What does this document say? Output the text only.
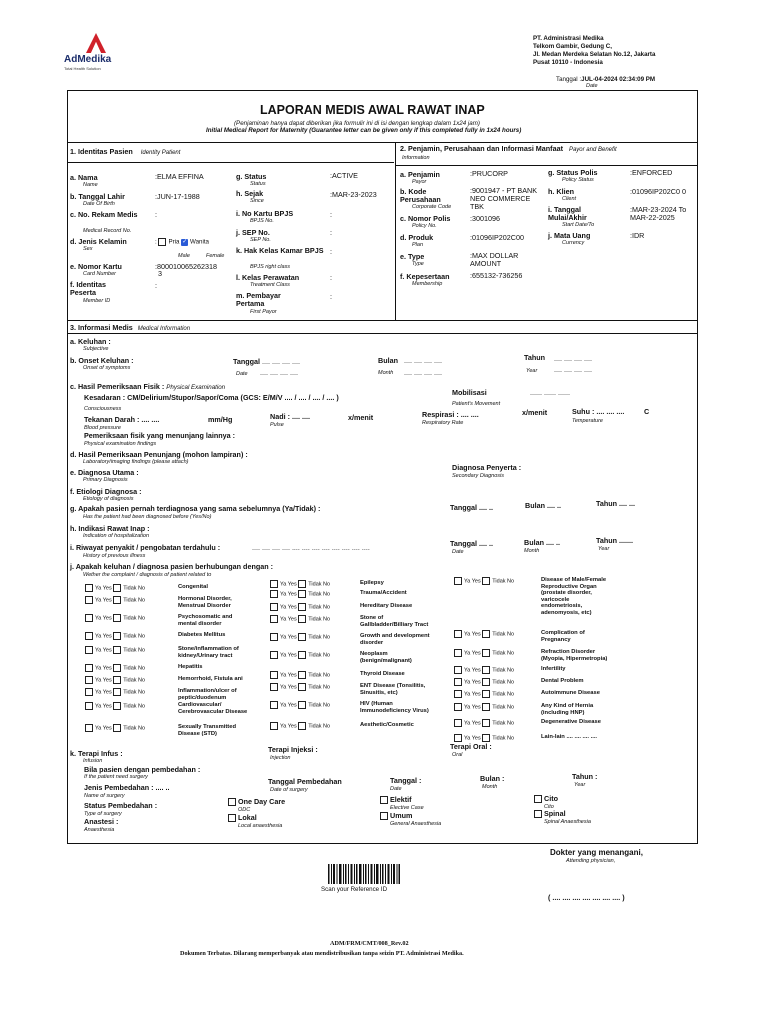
AdMedika
Total Health Solution
PT. Administrasi Medika
Telkom Gambir, Gedung C,
Jl. Medan Merdeka Selatan No.12, Jakarta
Pusat 10110 - Indonesia
Tanggal :JUL-04-2024 02:34:09 PM
Date
LAPORAN MEDIS AWAL RAWAT INAP
(Penjaminan hanya dapat diberikan jika formulir ini di isi dengan lengkap dalam 1x24 jam)
Initial Medical Report for Maternity (Guarantee letter can be given only if this completed fully in 1x24 hours)
1. Identitas Pasien Identity Patient
a. Nama
Name
:ELMA EFFINA
b. Tanggal Lahir
Date Of Birth
:JUN-17-1988
c. No. Rekam Medis
Medical Record No.
:
d. Jenis Kelamin
Sex
: Pria ✓ Wanita
Male	Female
e. Nomor Kartu
Card Number
:800010065262318
3
f. Identitas Peserta
Member ID
:
g. Status
Status
:ACTIVE
h. Sejak
Since
:MAR-23-2023
i. No Kartu BPJS
BPJS No.
:
j. SEP No.
SEP No.
:
k. Hak Kelas Kamar BPJS
BPJS right class
:
l. Kelas Perawatan
Treatment Class
:
m. Pembayar Pertama
First Payor
:
2. Penjamin, Perusahaan dan Informasi Manfaat Payor and Benefit
Information
a. Penjamin
Payor
:PRUCORP
b. Kode Perusahaan
Corporate Code
:9001947 - PT BANK NEO COMMERCE TBK
c. Nomor Polis
Policy No.
:3001096
d. Produk
Plan
:01096IP202C00
e. Type
Type
:MAX DOLLAR AMOUNT
f. Kepesertaan
Membership
:655132-736256
g. Status Polis
Policy Status
:ENFORCED
h. Klien
Client
:01096IP202C0 0
i. Tanggal Mulai/Akhir
Start Date/To
:MAR-23-2024 To MAR-22-2025
j. Mata Uang
Currency
:IDR
3. Informasi Medis Medical Information
a. Keluhan :
Subjective
b. Onset Keluhan :
Onset of symptoms
Tanggal .... .... .... ....
Date .... .... .... ....
Bulan .... .... .... ....
Month .... .... .... ....
Tahun .... .... .... ....
Year .... .... .... ....
c. Hasil Pemeriksaan Fisik : Physical Examination
Kesadaran : CM/Delirium/Stupor/Sapor/Coma (GCS: E/M/V .... / .... / .... / .... )
Consciousness
Mobilisasi	...... ...... ......
Patient's Movement
Tekanan Darah : .... ....	mm/Hg
Blood pressure
Nadi : .... ....	x/menit
Pulse
Respirasi : .... ....	x/menit
Respiratory Rate
Suhu : .... .... ....	C
Temperature
Pemeriksaan fisik yang menunjang lainnya :
Physical examination findings
d. Hasil Pemeriksaan Penunjang (mohon lampiran) :
Laboratory/imaging findings (please attach)
e. Diagnosa Utama :
Primary Diagnosis
Diagnosa Penyerta :
Secondary Diagnosis
f. Etiologi Diagnosa :
Etiology of diagnosis
g. Apakah pasien pernah terdiagnosa yang sama sebelumnya (Ya/Tidak) :
Has the patient had been diagnosed before (Yes/No)
Tanggal .... ..	Bulan .... ..	Tahun .... ...
h. Indikasi Rawat Inap :
Indication of hospitalization
i. Riwayat penyakit / pengobatan terdahulu :	.... .... .... .... .... .... .... .... .... .... .... ....
History of previous illness
Tanggal .... ..
Date
Bulan .... ..
Month
Tahun .......
Year
j. Apakah keluhan / diagnosa pasien berhubungan dengan :
Wether the complaint / diagnosis of patient related to
Ya Yes Tidak No	Congenital
Ya Yes Tidak No	Hormonal Disorder,
Menstrual Disorder
Ya Yes Tidak No	Psychosomatic and
mental disorder
Ya Yes Tidak No	Diabetes Mellitus
Ya Yes Tidak No	Stone/inflammation of
kidney/Urinary tract
Ya Yes Tidak No	Hepatitis
Ya Yes Tidak No	Hemorrhoid, Fistula ani
Ya Yes Tidak No	Inflammation/ulcer of
peptic/duodenum
Ya Yes Tidak No	Cardiovascular/
Cerebrovascular Disease
Ya Yes Tidak No	Sexually Transmitted
Disease (STD)
Ya Yes Tidak No	Epilepsy
Ya Yes Tidak No	Trauma/Accident
Ya Yes Tidak No	Hereditary Disease
Ya Yes Tidak No	Stone of
Gallbladder/Billiary Tract
Ya Yes Tidak No	Growth and development
disorder
Ya Yes Tidak No	Neoplasm
(benign/malignant)
Ya Yes Tidak No	Thyroid Disease
Ya Yes Tidak No	ENT Disease (Tonsilitis,
Sinusitis, etc)
Ya Yes Tidak No	HIV (Human
Immunodeficiency Virus)
Ya Yes Tidak No	Aesthetic/Cosmetic
Ya Yes Tidak No	Disease of Male/Female
Reproductive Organ
(prostate disorder,
varicocele
endometriosis,
adenomyosis, etc)
Ya Yes Tidak No	Complication of
Pregnancy
Ya Yes Tidak No	Refraction Disorder
(Myopia, Hipermetropia)
Ya Yes Tidak No	Infertility
Ya Yes Tidak No	Dental Problem
Ya Yes Tidak No	Autoimmune Disease
Ya Yes Tidak No	Any Kind of Hernia
(including HNP)
Ya Yes Tidak No	Degenerative Disease
Ya Yes Tidak No	Lain-lain .... .... .... ....
k. Terapi Infus :
Infusion
Terapi Injeksi :
Injection
Terapi Oral :
Oral
Bila pasien dengan pembedahan :
If the patient need surgery
Jenis Pembedahan : .... ..
Name of surgery
Tanggal Pembedahan
Date of surgery
Tanggal :
Date
Bulan :
Month
Tahun :
Year
Status Pembedahan :
Type of surgery
Anastesi :
Anaesthesia
One Day Care
ODC
Lokal
Local anaesthesia
Elektif
Elective Case
Umum
General Anaesthesia
Cito
Cito
Spinal
Spinal Anaesthesia
Dokter yang menangani,
Attending physician,
( .... .... .... .... .... .... .... )
Scan your Reference ID
ADM/FRM/CMT/008_Rev.02
Dokumen Terbatas. Dilarang memperbanyak atau mendistribusikan tanpa seizin PT. Administrasi Medika.
